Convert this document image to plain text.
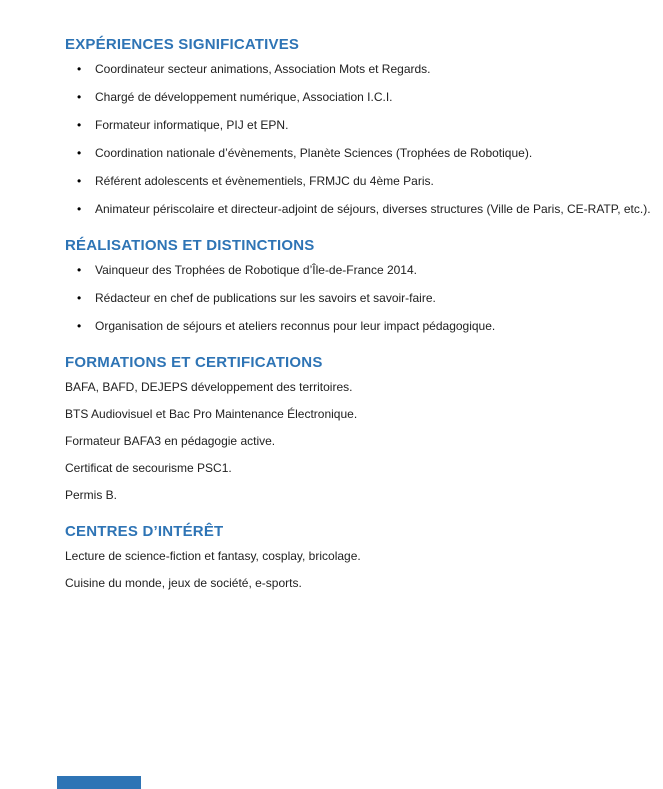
EXPÉRIENCES SIGNIFICATIVES
• Coordinateur secteur animations, Association Mots et Regards.
• Chargé de développement numérique, Association I.C.I.
• Formateur informatique, PIJ et EPN.
• Coordination nationale d’évènements, Planète Sciences (Trophées de Robotique).
• Référent adolescents et évènementiels, FRMJC du 4ème Paris.
• Animateur périscolaire et directeur-adjoint de séjours, diverses structures (Ville de Paris, CE-RATP, etc.).
RÉALISATIONS ET DISTINCTIONS
• Vainqueur des Trophées de Robotique d’Île-de-France 2014.
• Rédacteur en chef de publications sur les savoirs et savoir-faire.
• Organisation de séjours et ateliers reconnus pour leur impact pédagogique.
FORMATIONS ET CERTIFICATIONS

BAFA, BAFD, DEJEPS développement des territoires.

BTS Audiovisuel et Bac Pro Maintenance Électronique.

Formateur BAFA3 en pédagogie active.

Certificat de secourisme PSC1.

Permis B.

CENTRES D’INTÉRÊT

Lecture de science-fiction et fantasy, cosplay, bricolage.

Cuisine du monde, jeux de société, e-sports.
